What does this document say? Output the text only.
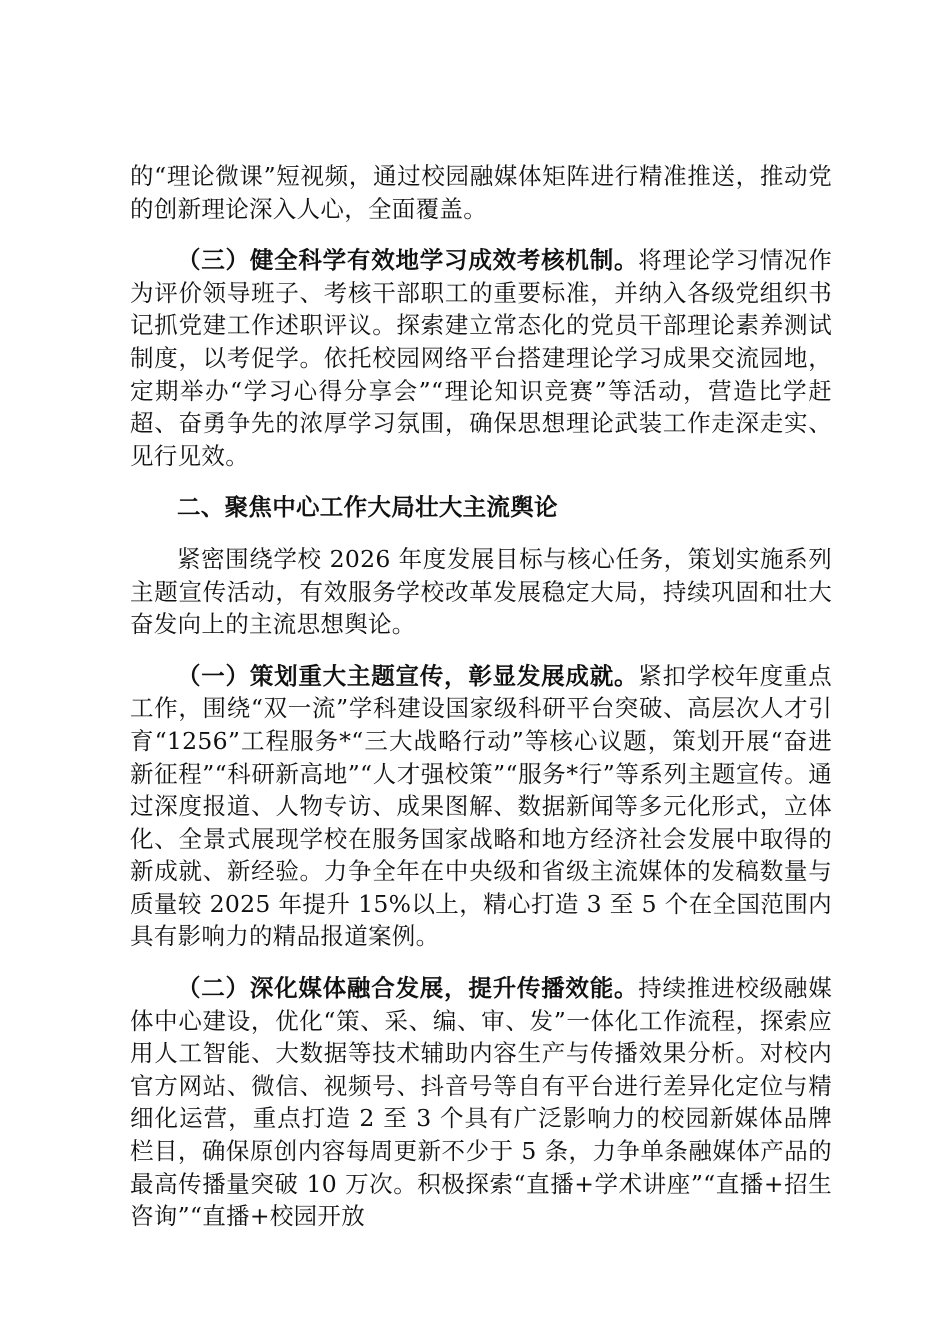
的“理论微课”短视频，通过校园融媒体矩阵进行精准推送，推动党的创新理论深入人心，全面覆盖。

（三）健全科学有效地学习成效考核机制。将理论学习情况作为评价领导班子、考核干部职工的重要标准，并纳入各级党组织书记抓党建工作述职评议。探索建立常态化的党员干部理论素养测试制度，以考促学。依托校园网络平台搭建理论学习成果交流园地，定期举办“学习心得分享会”“理论知识竞赛”等活动，营造比学赶超、奋勇争先的浓厚学习氛围，确保思想理论武装工作走深走实、见行见效。

二、聚焦中心工作大局壮大主流舆论

紧密围绕学校 2026 年度发展目标与核心任务，策划实施系列主题宣传活动，有效服务学校改革发展稳定大局，持续巩固和壮大奋发向上的主流思想舆论。

（一）策划重大主题宣传，彰显发展成就。紧扣学校年度重点工作，围绕“双一流”学科建设国家级科研平台突破、高层次人才引育“1256”工程服务*“三大战略行动”等核心议题，策划开展“奋进新征程”“科研新高地”“人才强校策”“服务*行”等系列主题宣传。通过深度报道、人物专访、成果图解、数据新闻等多元化形式，立体化、全景式展现学校在服务国家战略和地方经济社会发展中取得的新成就、新经验。力争全年在中央级和省级主流媒体的发稿数量与质量较 2025 年提升 15%以上，精心打造 3 至 5 个在全国范围内具有影响力的精品报道案例。

（二）深化媒体融合发展，提升传播效能。持续推进校级融媒体中心建设，优化“策、采、编、审、发”一体化工作流程，探索应用人工智能、大数据等技术辅助内容生产与传播效果分析。对校内官方网站、微信、视频号、抖音号等自有平台进行差异化定位与精细化运营，重点打造 2 至 3 个具有广泛影响力的校园新媒体品牌栏目，确保原创内容每周更新不少于 5 条，力争单条融媒体产品的最高传播量突破 10 万次。积极探索“直播+学术讲座”“直播+招生咨询”“直播+校园开放
